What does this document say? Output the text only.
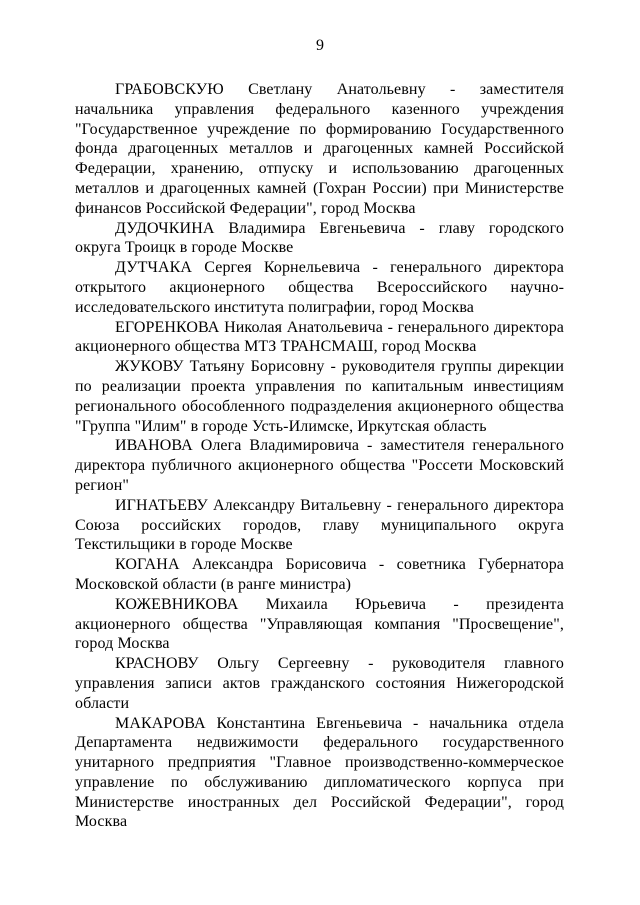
9

ГРАБОВСКУЮ Светлану Анатольевну - заместителя начальника управления федерального казенного учреждения "Государственное учреждение по формированию Государственного фонда драгоценных металлов и драгоценных камней Российской Федерации, хранению, отпуску и использованию драгоценных металлов и драгоценных камней (Гохран России) при Министерстве финансов Российской Федерации", город Москва

ДУДОЧКИНА Владимира Евгеньевича - главу городского округа Троицк в городе Москве

ДУТЧАКА Сергея Корнельевича - генерального директора открытого акционерного общества Всероссийского научно-исследовательского института полиграфии, город Москва

ЕГОРЕНКОВА Николая Анатольевича - генерального директора акционерного общества МТЗ ТРАНСМАШ, город Москва

ЖУКОВУ Татьяну Борисовну - руководителя группы дирекции по реализации проекта управления по капитальным инвестициям регионального обособленного подразделения акционерного общества "Группа "Илим" в городе Усть-Илимске, Иркутская область

ИВАНОВА Олега Владимировича - заместителя генерального директора публичного акционерного общества "Россети Московский регион"

ИГНАТЬЕВУ Александру Витальевну - генерального директора Союза российских городов, главу муниципального округа Текстильщики в городе Москве

КОГАНА Александра Борисовича - советника Губернатора Московской области (в ранге министра)

КОЖЕВНИКОВА Михаила Юрьевича - президента акционерного общества "Управляющая компания "Просвещение", город Москва

КРАСНОВУ Ольгу Сергеевну - руководителя главного управления записи актов гражданского состояния Нижегородской области

МАКАРОВА Константина Евгеньевича - начальника отдела Департамента недвижимости федерального государственного унитарного предприятия "Главное производственно-коммерческое управление по обслуживанию дипломатического корпуса при Министерстве иностранных дел Российской Федерации", город Москва
